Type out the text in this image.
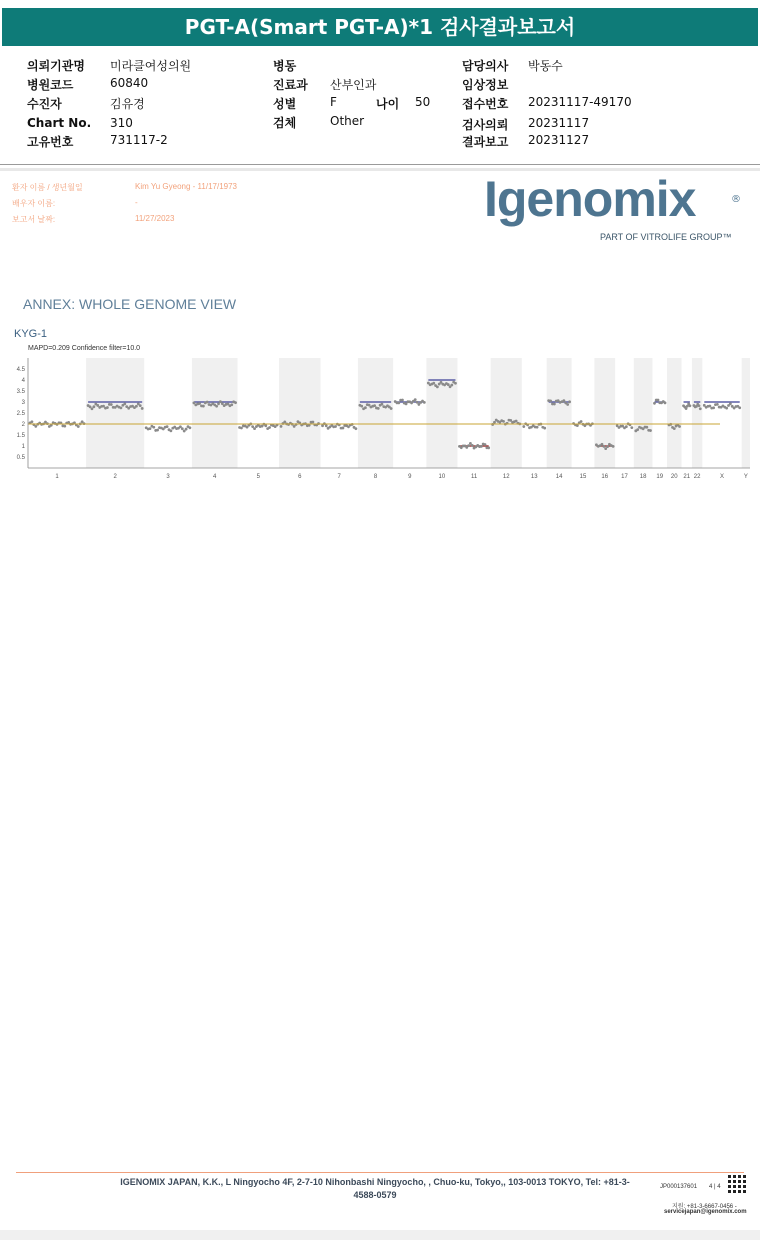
PGT-A(Smart PGT-A)*1 검사결과보고서
의뢰기관명 미라클여성의원
병원코드	60840
수진자	김유경
Chart No. 310
고유번호	731117-2
병동
진료과 산부인과
성별	F	나이 50
검체	Other
담당의사 박동수
임상정보
접수번호 20231117-49170
검사의뢰 20231117
결과보고 20231127
환자 이름 / 생년월일	Kim Yu Gyeong - 11/17/1973
배우자 이름:	-
보고서 날짜:	11/27/2023	Igenomix	®
PART OF VITROLIFE GROUP™
ANNEX: WHOLE GENOME VIEW
KYG-1
MAPD=0.209 Confidence filter=10.0
1	2	3	4	5	6	7	8	9	10	11	12	13	14	15	16 17 18 19 20 21 22	X	Y
0.5
1
1.5
2
2.5
3
3.5
4
4.5
IGENOMIX JAPAN, K.K., L Ningyocho 4F, 2-7-10 Nihonbashi Ningyocho, , Chuo-ku, Tokyo,, 103-0013 TOKYO, Tel: +81-3-4588-0579
JP000137601 4 | 4
지원: +81-3-6667-0456 -
servicejapan@igenomix.com
